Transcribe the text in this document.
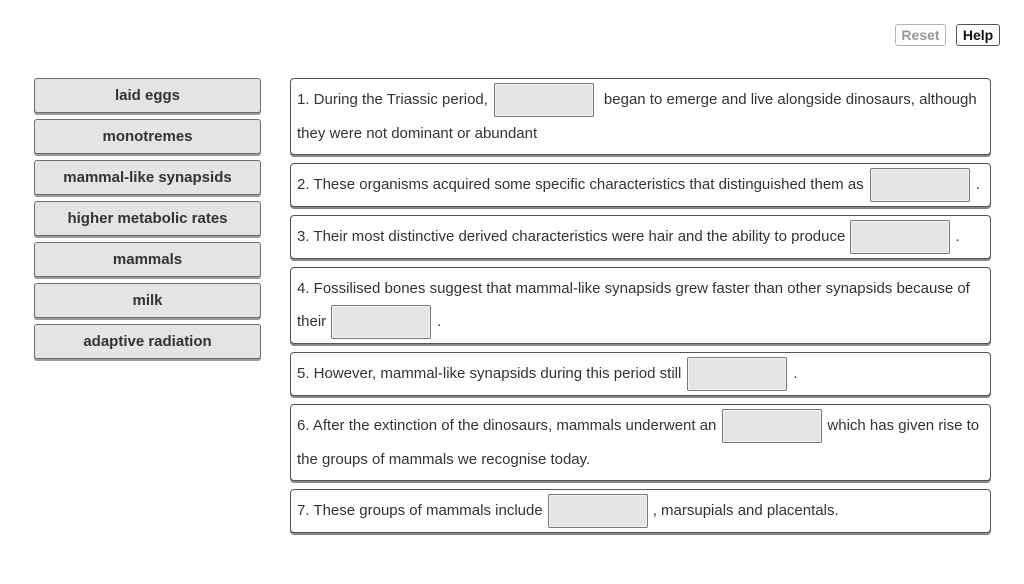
Reset	Help
laid eggs
monotremes
mammal-like synapsids
higher metabolic rates
mammals
milk
adaptive radiation
1. During the Triassic period,	began to emerge and live alongside dinosaurs, although they were not dominant or abundant
2. These organisms acquired some specific characteristics that distinguished them as	.
3. Their most distinctive derived characteristics were hair and the ability to produce	.
4. Fossilised bones suggest that mammal-like synapsids grew faster than other synapsids because of their	.
5. However, mammal-like synapsids during this period still	.
6. After the extinction of the dinosaurs, mammals underwent an	which has given rise to the groups of mammals we recognise today.
7. These groups of mammals include	, marsupials and placentals.
